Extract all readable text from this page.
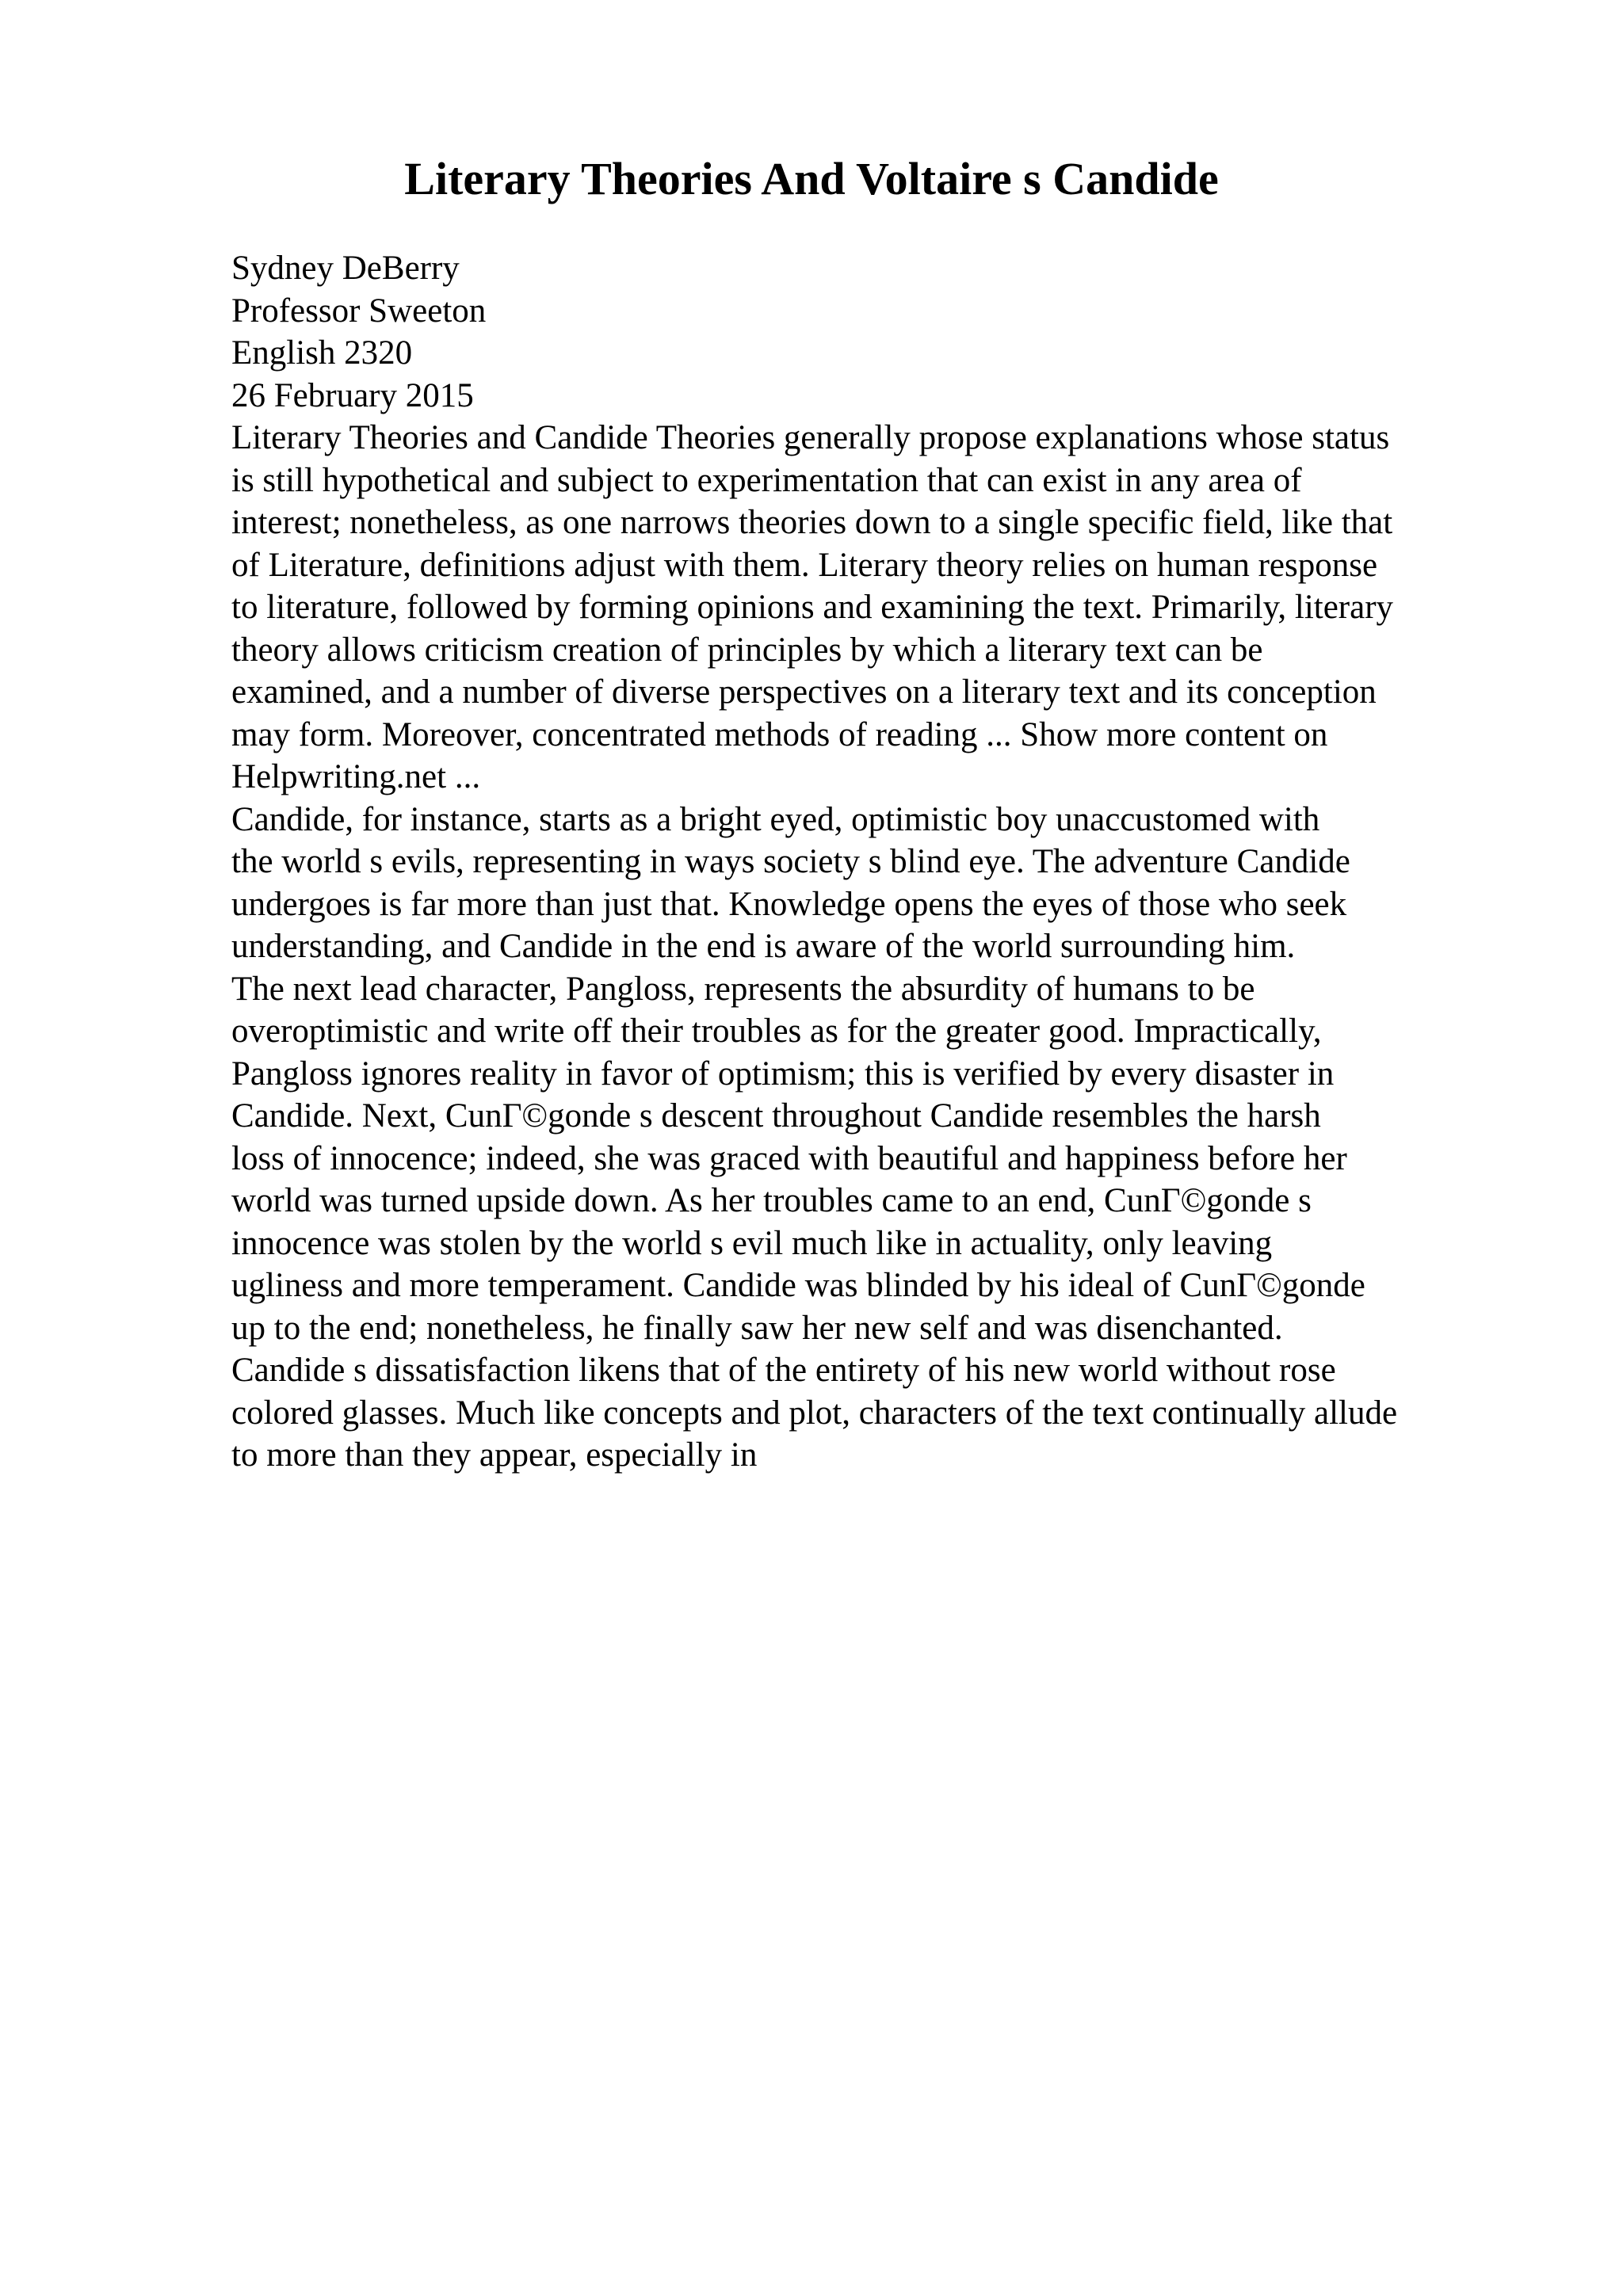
Literary Theories And Voltaire s Candide
Sydney DeBerry
Professor Sweeton
English 2320
26 February 2015
Literary Theories and Candide Theories generally propose explanations whose status
is still hypothetical and subject to experimentation that can exist in any area of
interest; nonetheless, as one narrows theories down to a single specific field, like that
of Literature, definitions adjust with them. Literary theory relies on human response
to literature, followed by forming opinions and examining the text. Primarily, literary
theory allows criticism creation of principles by which a literary text can be
examined, and a number of diverse perspectives on a literary text and its conception
may form. Moreover, concentrated methods of reading ... Show more content on
Helpwriting.net ...
Candide, for instance, starts as a bright eyed, optimistic boy unaccustomed with
the world s evils, representing in ways society s blind eye. The adventure Candide
undergoes is far more than just that. Knowledge opens the eyes of those who seek
understanding, and Candide in the end is aware of the world surrounding him.
The next lead character, Pangloss, represents the absurdity of humans to be
overoptimistic and write off their troubles as for the greater good. Impractically,
Pangloss ignores reality in favor of optimism; this is verified by every disaster in
Candide. Next, CunГ©gonde s descent throughout Candide resembles the harsh
loss of innocence; indeed, she was graced with beautiful and happiness before her
world was turned upside down. As her troubles came to an end, CunГ©gonde s
innocence was stolen by the world s evil much like in actuality, only leaving
ugliness and more temperament. Candide was blinded by his ideal of CunГ©gonde
up to the end; nonetheless, he finally saw her new self and was disenchanted.
Candide s dissatisfaction likens that of the entirety of his new world without rose
colored glasses. Much like concepts and plot, characters of the text continually allude
to more than they appear, especially in
